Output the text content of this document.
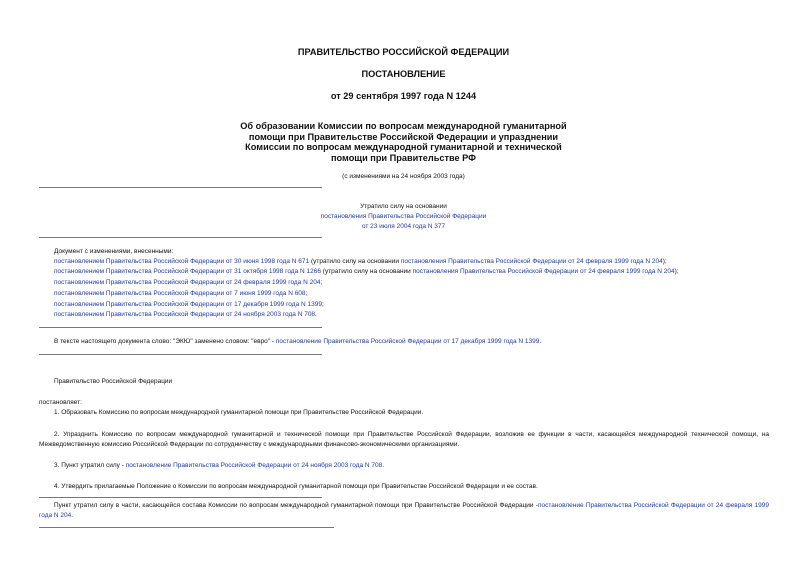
ПРАВИТЕЛЬСТВО РОССИЙСКОЙ ФЕДЕРАЦИИ
ПОСТАНОВЛЕНИЕ
от 29 сентября 1997 года N 1244
Об образовании Комиссии по вопросам международной гуманитарной
помощи при Правительстве Российской Федерации и упразднении
Комиссии по вопросам международной гуманитарной и технической
помощи при Правительстве РФ
(с изменениями на 24 ноября 2003 года)
Утратило силу на основании
постановления Правительства Российской Федерации
от 23 июля 2004 года N 377
Документ с изменениями, внесенными:
постановлением Правительства Российской Федерации от 30 июня 1998 года N 671 (утратило силу на основании постановления Правительства Российской Федерации от 24 февраля 1999 года N 204);
постановлением Правительства Российской Федерации от 31 октября 1998 года N 1266 (утратило силу на основании постановления Правительства Российской Федерации от 24 февраля 1999 года N 204);
постановлением Правительства Российской Федерации от 24 февраля 1999 года N 204;
постановлением Правительства Российской Федерации от 7 июня 1999 года N 608;
постановлением Правительства Российской Федерации от 17 декабря 1999 года N 1399;
постановлением Правительства Российской Федерации от 24 ноября 2003 года N 708.
В тексте настоящего документа слово: "ЭКЮ" заменено словом: "евро" - постановление Правительства Российской Федерации от 17 декабря 1999 года N 1399.
Правительство Российской Федерации
постановляет:
1. Образовать Комиссию по вопросам международной гуманитарной помощи при Правительстве Российской Федерации.
2. Упразднить Комиссию по вопросам международной гуманитарной и технической помощи при Правительстве Российской Федерации, возложив ее функции в части, касающейся международной технической помощи, на Межведомственную комиссию Российской Федерации по сотрудничеству с международными финансово-экономическими организациями.
3. Пункт утратил силу - постановление Правительства Российской Федерации от 24 ноября 2003 года N 708.
4. Утвердить прилагаемые Положение о Комиссии по вопросам международной гуманитарной помощи при Правительстве Российской Федерации и ее состав.
Пункт утратил силу в части, касающейся состава Комиссии по вопросам международной гуманитарной помощи при Правительстве Российской Федерации -постановление Правительства Российской Федерации от 24 февраля 1999 года N 204.
